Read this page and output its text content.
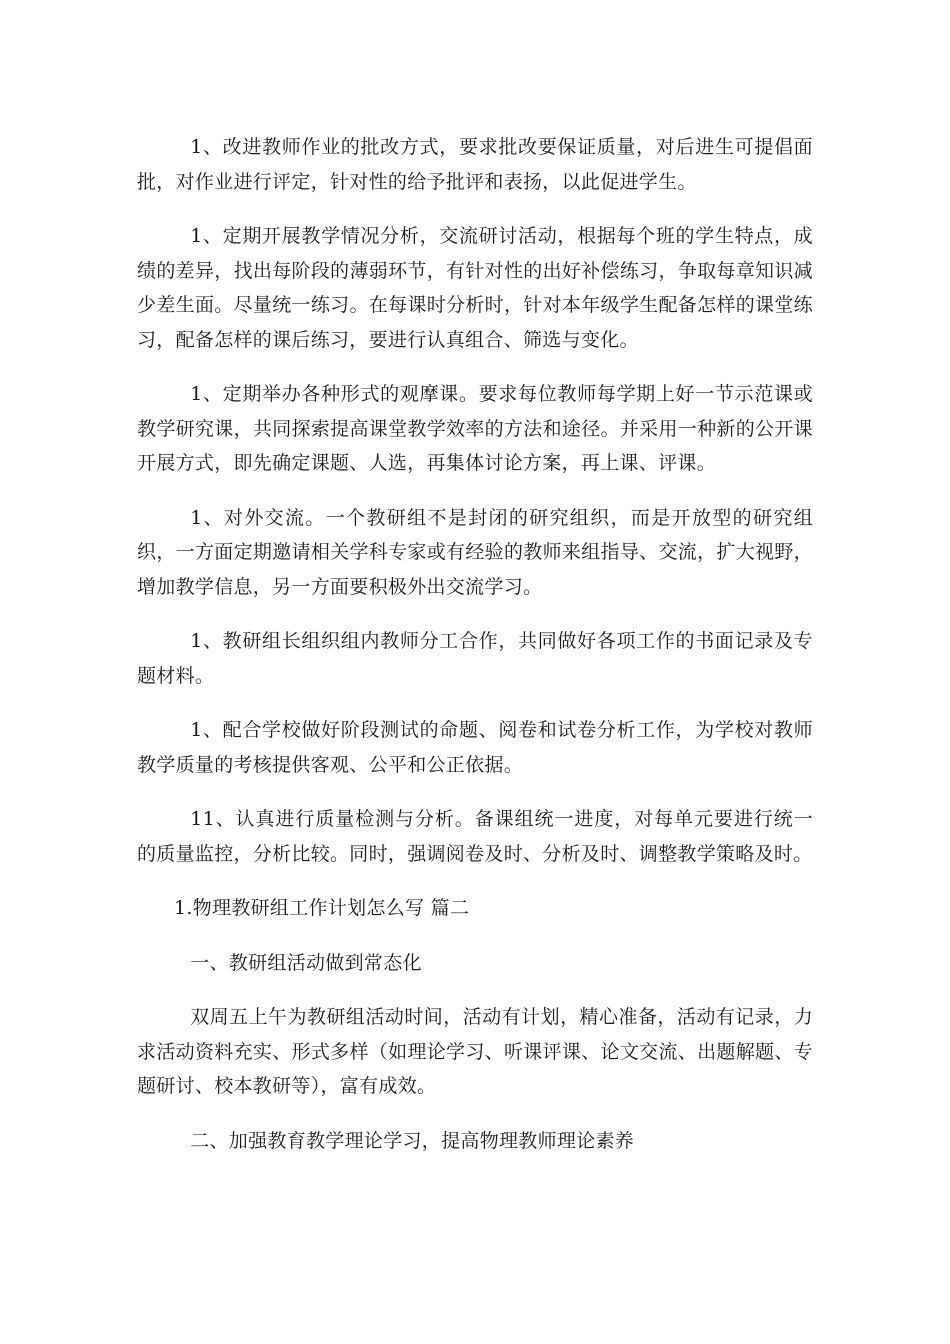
1、改进教师作业的批改方式，要求批改要保证质量，对后进生可提倡面批，对作业进行评定，针对性的给予批评和表扬，以此促进学生。

1、定期开展教学情况分析，交流研讨活动，根据每个班的学生特点，成绩的差异，找出每阶段的薄弱环节，有针对性的出好补偿练习，争取每章知识减少差生面。尽量统一练习。在每课时分析时，针对本年级学生配备怎样的课堂练习，配备怎样的课后练习，要进行认真组合、筛选与变化。

1、定期举办各种形式的观摩课。要求每位教师每学期上好一节示范课或教学研究课，共同探索提高课堂教学效率的方法和途径。并采用一种新的公开课开展方式，即先确定课题、人选，再集体讨论方案，再上课、评课。

1、对外交流。一个教研组不是封闭的研究组织，而是开放型的研究组织，一方面定期邀请相关学科专家或有经验的教师来组指导、交流，扩大视野，增加教学信息，另一方面要积极外出交流学习。

1、教研组长组织组内教师分工合作，共同做好各项工作的书面记录及专题材料。

1、配合学校做好阶段测试的命题、阅卷和试卷分析工作，为学校对教师教学质量的考核提供客观、公平和公正依据。

11、认真进行质量检测与分析。备课组统一进度，对每单元要进行统一的质量监控，分析比较。同时，强调阅卷及时、分析及时、调整教学策略及时。

1.物理教研组工作计划怎么写 篇二

一、教研组活动做到常态化

双周五上午为教研组活动时间，活动有计划，精心准备，活动有记录，力求活动资料充实、形式多样（如理论学习、听课评课、论文交流、出题解题、专题研讨、校本教研等），富有成效。

二、加强教育教学理论学习，提高物理教师理论素养
